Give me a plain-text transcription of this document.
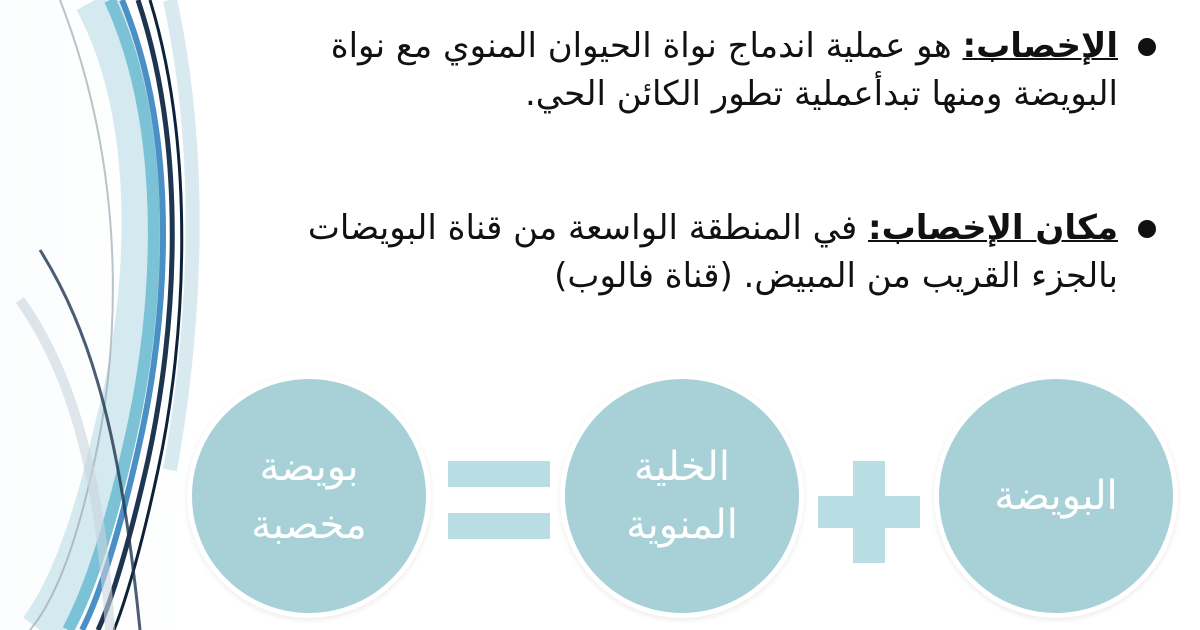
الإخصاب: هو عملية اندماج نواة الحيوان المنوي مع نواة البويضة ومنها تبدأعملية تطور الكائن الحي.
مكان الإخصاب: في المنطقة الواسعة من قناة البويضات بالجزء القريب من المبيض. (قناة فالوب)
البويضة
الخلية
المنوية
بويضة
مخصبة
